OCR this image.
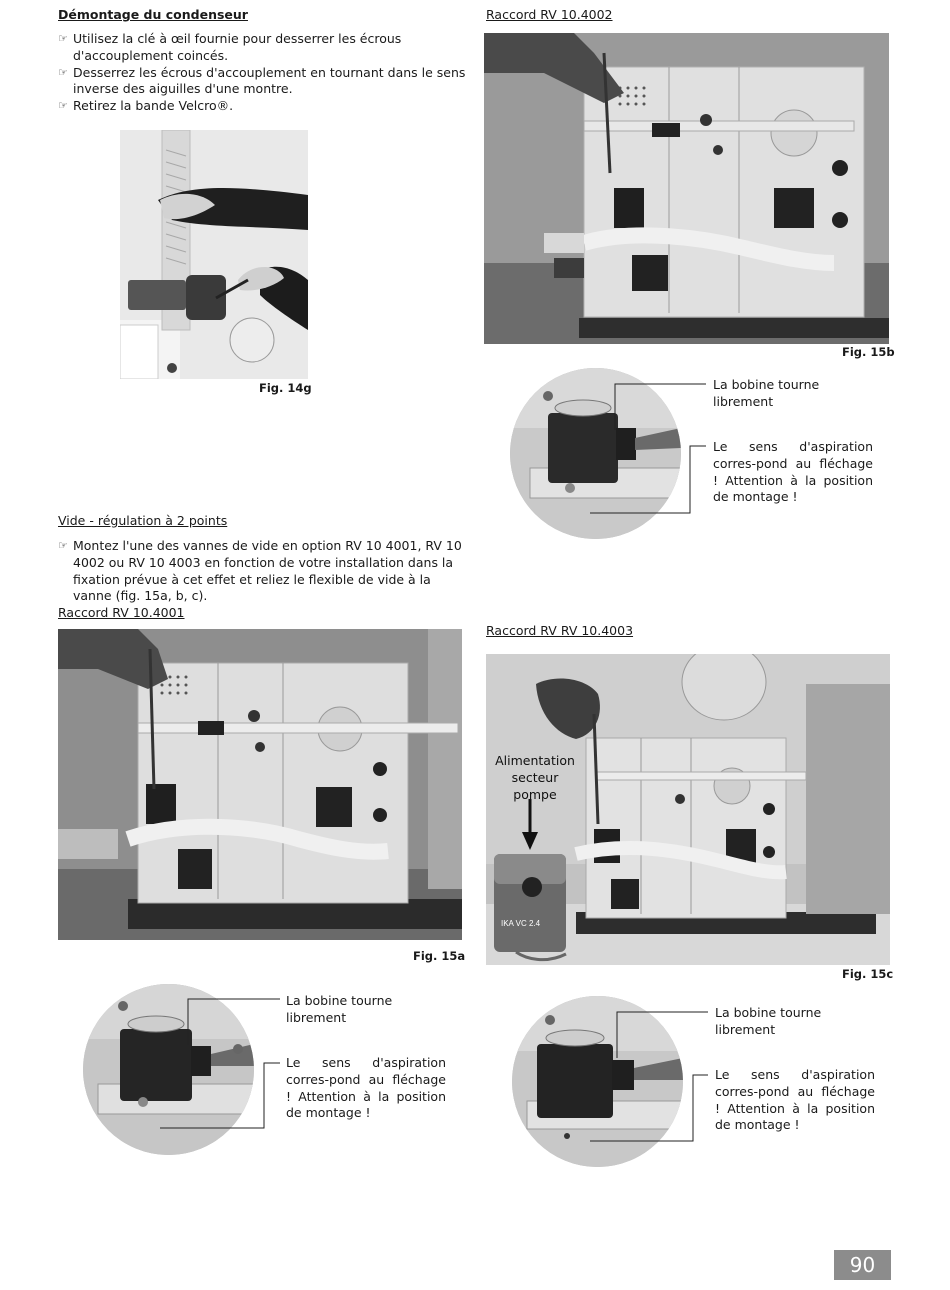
Démontage du condenseur
☞ Utilisez la clé à œil fournie pour desserrer les écrous d'accouplement coincés.
☞ Desserrez les écrous d'accouplement en tournant dans le sens inverse des aiguilles d'une montre.
☞ Retirez la bande Velcro®.
Fig. 14g
Raccord RV 10.4002
Fig. 15b
La bobine tourne librement
Le sens d'aspiration corres-pond au fléchage ! Attention à la position de montage !
Vide - régulation à 2 points
☞ Montez l'une des vannes de vide en option RV 10 4001, RV 10 4002 ou RV 10 4003 en fonction de votre installation dans la fixation prévue à cet effet et reliez le flexible de vide à la vanne (fig. 15a, b, c).
Raccord RV 10.4001
Fig. 15a
La bobine tourne librement
Le sens d'aspiration corres-pond au fléchage ! Attention à la position de montage !
Raccord RV RV 10.4003
IKA VC 2.4
Alimentation secteur pompe
Fig. 15c
La bobine tourne librement
Le sens d'aspiration corres-pond au fléchage ! Attention à la position de montage !
90
